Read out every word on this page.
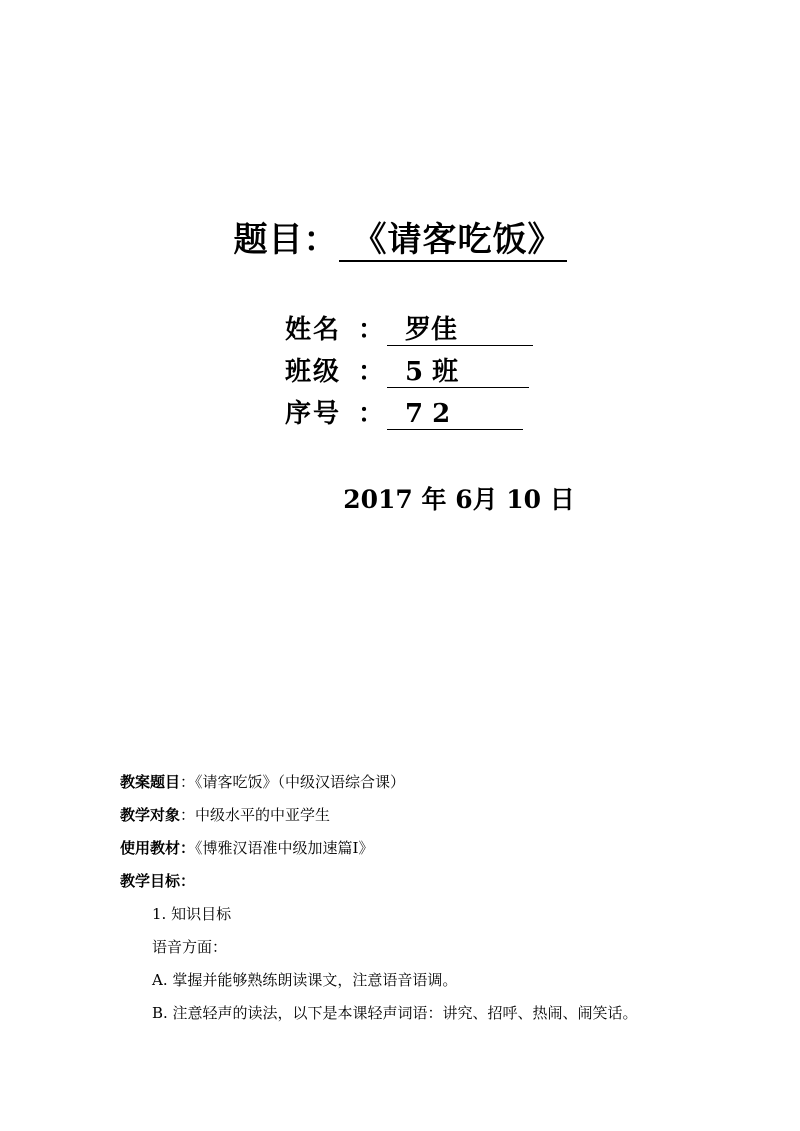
题目： 《请客吃饭》
姓名 ： 罗佳
班级 ： 5 班
序号 ： 7 2
2017 年 6月 10 日
教案题目：《请客吃饭》（中级汉语综合课）
教学对象：中级水平的中亚学生
使用教材：《博雅汉语准中级加速篇Ⅰ》
教学目标：
1. 知识目标
语音方面：
A. 掌握并能够熟练朗读课文，注意语音语调。
B. 注意轻声的读法，以下是本课轻声词语：讲究、招呼、热闹、闹笑话。
